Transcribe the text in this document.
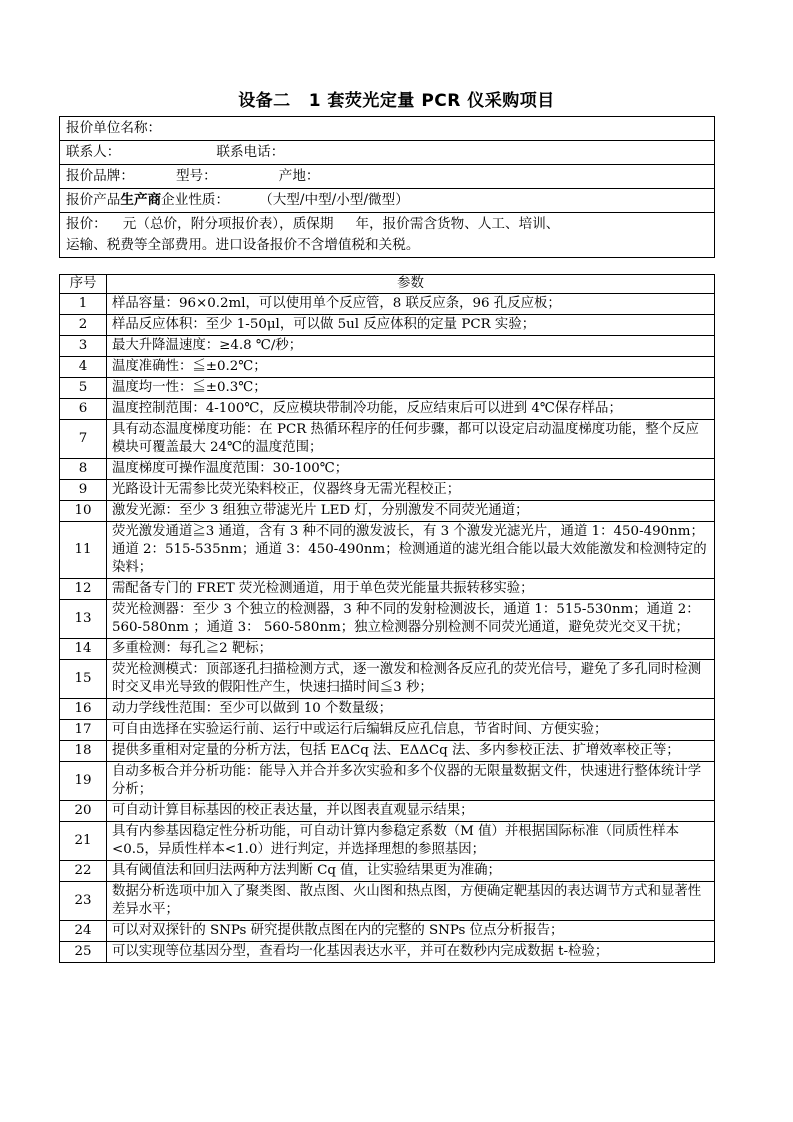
设备二 1 套荧光定量 PCR 仪采购项目
报价单位名称：
联系人：	联系电话：
报价品牌：	型号：	产地：
报价产品生产商企业性质： （大型/中型/小型/微型）

报价： 元（总价，附分项报价表），质保期 年，报价需含货物、人工、培训、
运输、税费等全部费用。进口设备报价不含增值税和关税。
序号	参数
1	样品容量：96×0.2ml，可以使用单个反应管，8 联反应条，96 孔反应板；
2	样品反应体积：至少 1-50μl，可以做 5ul 反应体积的定量 PCR 实验；
3	最大升降温速度：≥4.8 ℃/秒；
4	温度准确性：≦±0.2℃；
5	温度均一性：≦±0.3℃；
6	温度控制范围：4-100℃，反应模块带制冷功能，反应结束后可以进到 4℃保存样品；
7	具有动态温度梯度功能：在 PCR 热循环程序的任何步骤，都可以设定启动温度梯度功能，整个反应模块可覆盖最大 24℃的温度范围；
8	温度梯度可操作温度范围：30-100℃；
9	光路设计无需参比荧光染料校正，仪器终身无需光程校正；
10	激发光源：至少 3 组独立带滤光片 LED 灯，分别激发不同荧光通道；
11	荧光激发通道≧3 通道，含有 3 种不同的激发波长，有 3 个激发光滤光片，通道 1：450-490nm；通道 2：515-535nm；通道 3：450-490nm；检测通道的滤光组合能以最大效能激发和检测特定的染料；
12	需配备专门的 FRET 荧光检测通道，用于单色荧光能量共振转移实验；
13	荧光检测器：至少 3 个独立的检测器，3 种不同的发射检测波长，通道 1：515-530nm；通道 2：560-580nm ；通道 3： 560-580nm；独立检测器分别检测不同荧光通道，避免荧光交叉干扰；
14	多重检测：每孔≧2 靶标；
15	荧光检测模式：顶部逐孔扫描检测方式，逐一激发和检测各反应孔的荧光信号，避免了多孔同时检测时交叉串光导致的假阳性产生，快速扫描时间≦3 秒；
16	动力学线性范围：至少可以做到 10 个数量级；
17	可自由选择在实验运行前、运行中或运行后编辑反应孔信息，节省时间、方便实验；
18	提供多重相对定量的分析方法，包括 EΔCq 法、EΔΔCq 法、多内参校正法、扩增效率校正等；
19	自动多板合并分析功能：能导入并合并多次实验和多个仪器的无限量数据文件，快速进行整体统计学分析；
20	可自动计算目标基因的校正表达量，并以图表直观显示结果；
21	具有内参基因稳定性分析功能，可自动计算内参稳定系数（M 值）并根据国际标准（同质性样本<0.5，异质性样本<1.0）进行判定，并选择理想的参照基因；
22	具有阈值法和回归法两种方法判断 Cq 值，让实验结果更为准确；
23	数据分析选项中加入了聚类图、散点图、火山图和热点图，方便确定靶基因的表达调节方式和显著性差异水平；
24	可以对双探针的 SNPs 研究提供散点图在内的完整的 SNPs 位点分析报告；
25	可以实现等位基因分型，查看均一化基因表达水平，并可在数秒内完成数据 t-检验；
